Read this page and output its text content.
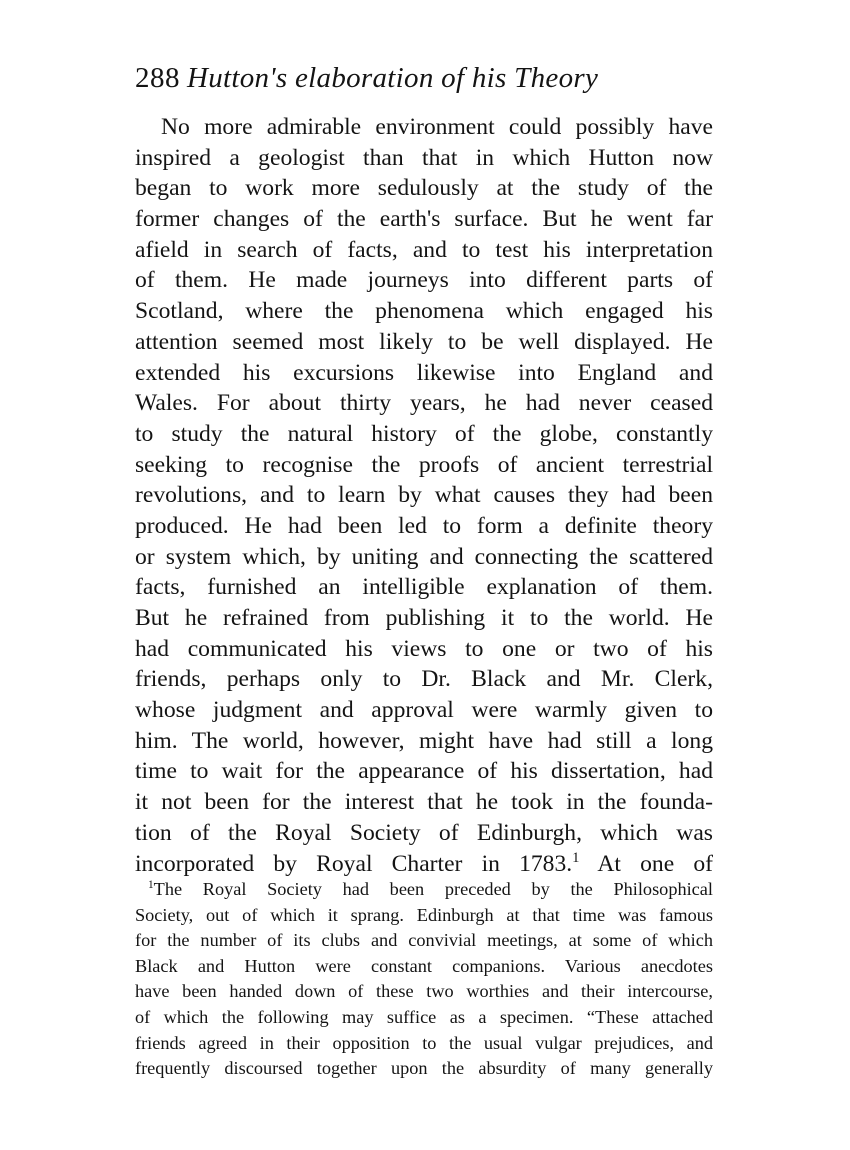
288 Hutton's elaboration of his Theory
No more admirable environment could possibly have
inspired a geologist than that in which Hutton now
began to work more sedulously at the study of the
former changes of the earth's surface. But he went far
afield in search of facts, and to test his interpretation
of them. He made journeys into different parts of
Scotland, where the phenomena which engaged his
attention seemed most likely to be well displayed. He
extended his excursions likewise into England and
Wales. For about thirty years, he had never ceased
to study the natural history of the globe, constantly
seeking to recognise the proofs of ancient terrestrial
revolutions, and to learn by what causes they had been
produced. He had been led to form a definite theory
or system which, by uniting and connecting the scattered
facts, furnished an intelligible explanation of them.
But he refrained from publishing it to the world. He
had communicated his views to one or two of his
friends, perhaps only to Dr. Black and Mr. Clerk,
whose judgment and approval were warmly given to
him. The world, however, might have had still a long
time to wait for the appearance of his dissertation, had
it not been for the interest that he took in the founda-
tion of the Royal Society of Edinburgh, which was
incorporated by Royal Charter in 1783.$^1$ At one of
$^1$The Royal Society had been preceded by the Philosophical
Society, out of which it sprang. Edinburgh at that time was famous
for the number of its clubs and convivial meetings, at some of which
Black and Hutton were constant companions. Various anecdotes
have been handed down of these two worthies and their intercourse,
of which the following may suffice as a specimen. “These attached
friends agreed in their opposition to the usual vulgar prejudices, and
frequently discoursed together upon the absurdity of many generally
